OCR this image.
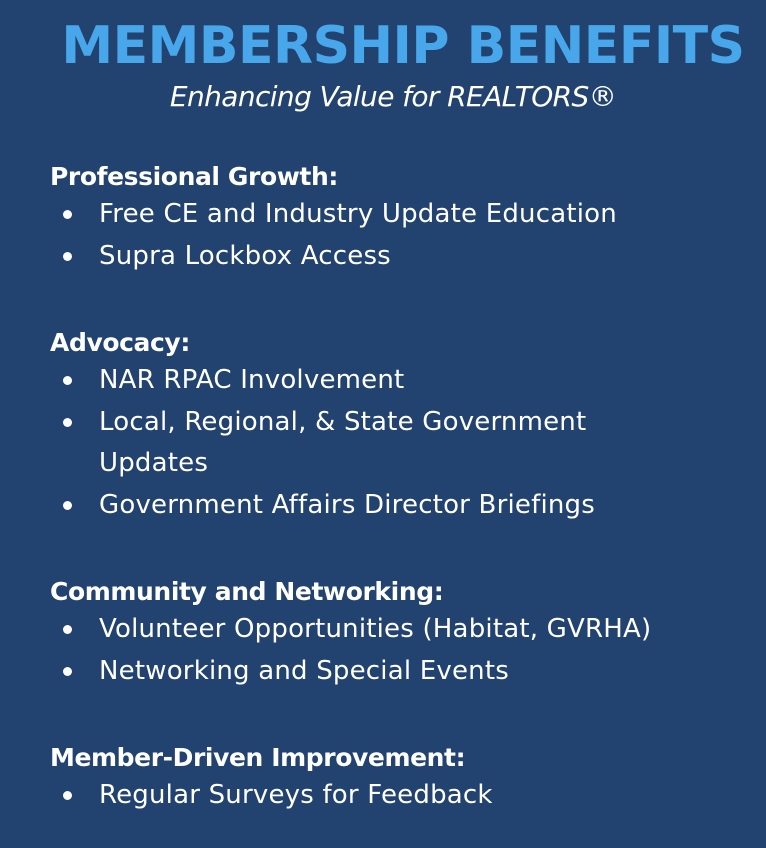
MEMBERSHIP BENEFITS
Enhancing Value for REALTORS®
Professional Growth:
Free CE and Industry Update Education
Supra Lockbox Access
Advocacy:
NAR RPAC Involvement
Local, Regional, & State Government Updates
Government Affairs Director Briefings
Community and Networking:
Volunteer Opportunities (Habitat, GVRHA)
Networking and Special Events
Member-Driven Improvement:
Regular Surveys for Feedback
